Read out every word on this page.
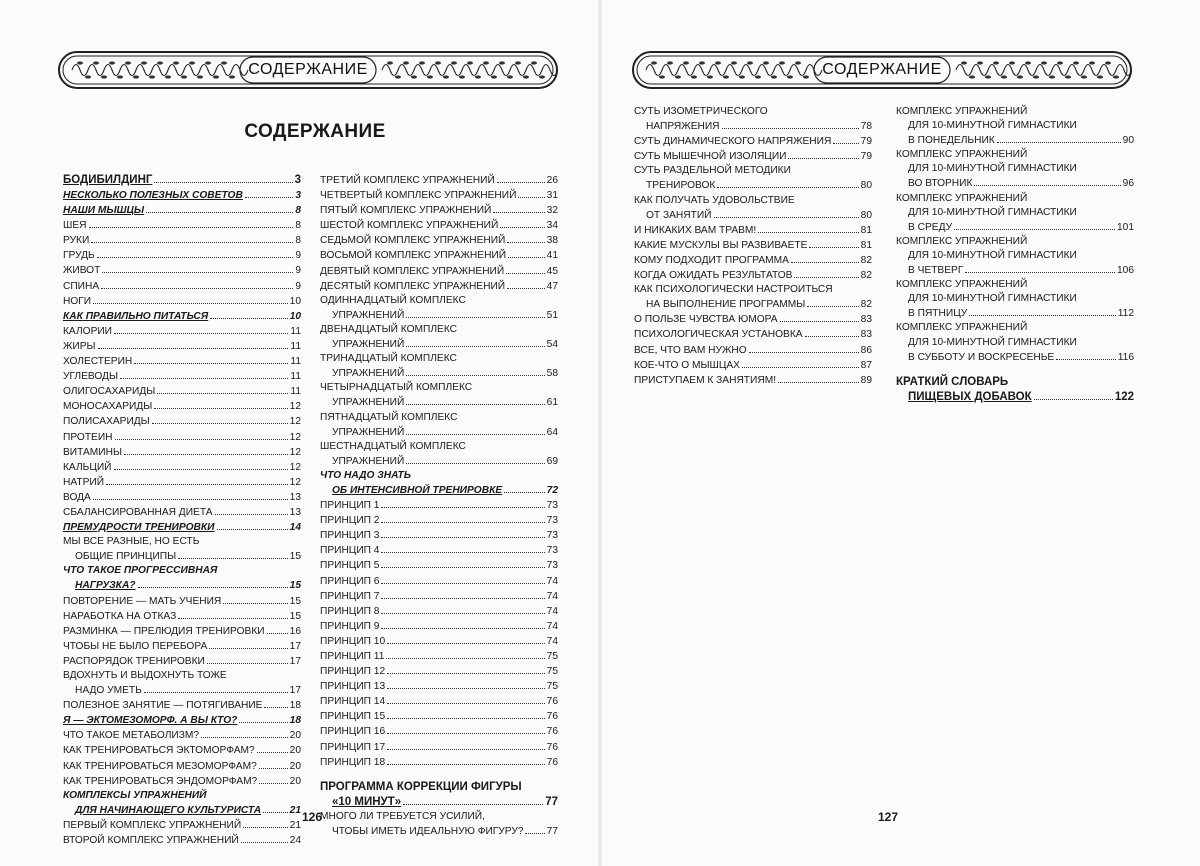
СОДЕРЖАНИЕ
СОДЕРЖАНИЕ
БОДИБИЛДИНГ	3
НЕСКОЛЬКО ПОЛЕЗНЫХ СОВЕТОВ	3
НАШИ МЫШЦЫ	8
ШЕЯ	8
РУКИ	8
ГРУДЬ	9
ЖИВОТ	9
СПИНА	9
НОГИ	10
КАК ПРАВИЛЬНО ПИТАТЬСЯ	10
КАЛОРИИ	11
ЖИРЫ	11
ХОЛЕСТЕРИН	11
УГЛЕВОДЫ	11
ОЛИГОСАХАРИДЫ	11
МОНОСАХАРИДЫ	12
ПОЛИСАХАРИДЫ	12
ПРОТЕИН	12
ВИТАМИНЫ	12
КАЛЬЦИЙ	12
НАТРИЙ	12
ВОДА	13
СБАЛАНСИРОВАННАЯ ДИЕТА	13
ПРЕМУДРОСТИ ТРЕНИРОВКИ	14
МЫ ВСЕ РАЗНЫЕ, НО ЕСТЬ
ОБЩИЕ ПРИНЦИПЫ	15
ЧТО ТАКОЕ ПРОГРЕССИВНАЯ
НАГРУЗКА?	15
ПОВТОРЕНИЕ — МАТЬ УЧЕНИЯ	15
НАРАБОТКА НА ОТКАЗ	15
РАЗМИНКА — ПРЕЛЮДИЯ ТРЕНИРОВКИ 16
ЧТОБЫ НЕ БЫЛО ПЕРЕБОРА	17
РАСПОРЯДОК ТРЕНИРОВКИ	17
ВДОХНУТЬ И ВЫДОХНУТЬ ТОЖЕ
НАДО УМЕТЬ	17
ПОЛЕЗНОЕ ЗАНЯТИЕ — ПОТЯГИВАНИЕ	18
Я — ЭКТОМЕЗОМОРФ. А ВЫ КТО?	18
ЧТО ТАКОЕ МЕТАБОЛИЗМ?	20
КАК ТРЕНИРОВАТЬСЯ ЭКТОМОРФАМ?	20
КАК ТРЕНИРОВАТЬСЯ МЕЗОМОРФАМ?	20
КАК ТРЕНИРОВАТЬСЯ ЭНДОМОРФАМ?	20
КОМПЛЕКСЫ УПРАЖНЕНИЙ
ДЛЯ НАЧИНАЮЩЕГО КУЛЬТУРИСТА	21
ПЕРВЫЙ КОМПЛЕКС УПРАЖНЕНИЙ	21
ВТОРОЙ КОМПЛЕКС УПРАЖНЕНИЙ	24
ТРЕТИЙ КОМПЛЕКС УПРАЖНЕНИЙ	26
ЧЕТВЕРТЫЙ КОМПЛЕКС УПРАЖНЕНИЙ	31
ПЯТЫЙ КОМПЛЕКС УПРАЖНЕНИЙ	32
ШЕСТОЙ КОМПЛЕКС УПРАЖНЕНИЙ	34
СЕДЬМОЙ КОМПЛЕКС УПРАЖНЕНИЙ	38
ВОСЬМОЙ КОМПЛЕКС УПРАЖНЕНИЙ	41
ДЕВЯТЫЙ КОМПЛЕКС УПРАЖНЕНИЙ	45
ДЕСЯТЫЙ КОМПЛЕКС УПРАЖНЕНИЙ	47
ОДИННАДЦАТЫЙ КОМПЛЕКС
УПРАЖНЕНИЙ	51
ДВЕНАДЦАТЫЙ КОМПЛЕКС
УПРАЖНЕНИЙ	54
ТРИНАДЦАТЫЙ КОМПЛЕКС
УПРАЖНЕНИЙ	58
ЧЕТЫРНАДЦАТЫЙ КОМПЛЕКС
УПРАЖНЕНИЙ	61
ПЯТНАДЦАТЫЙ КОМПЛЕКС
УПРАЖНЕНИЙ	64
ШЕСТНАДЦАТЫЙ КОМПЛЕКС
УПРАЖНЕНИЙ	69
ЧТО НАДО ЗНАТЬ
ОБ ИНТЕНСИВНОЙ ТРЕНИРОВКЕ	72
ПРИНЦИП 1	73
ПРИНЦИП 2	73
ПРИНЦИП 3	73
ПРИНЦИП 4	73
ПРИНЦИП 5	73
ПРИНЦИП 6	74
ПРИНЦИП 7	74
ПРИНЦИП 8	74
ПРИНЦИП 9	74
ПРИНЦИП 10	74
ПРИНЦИП 11	75
ПРИНЦИП 12	75
ПРИНЦИП 13	75
ПРИНЦИП 14	76
ПРИНЦИП 15	76
ПРИНЦИП 16	76
ПРИНЦИП 17	76
ПРИНЦИП 18	76
ПРОГРАММА КОРРЕКЦИИ ФИГУРЫ
«10 МИНУТ»	77
МНОГО ЛИ ТРЕБУЕТСЯ УСИЛИЙ,
ЧТОБЫ ИМЕТЬ ИДЕАЛЬНУЮ ФИГУРУ? 77
126
СОДЕРЖАНИЕ
СУТЬ ИЗОМЕТРИЧЕСКОГО
НАПРЯЖЕНИЯ	78
СУТЬ ДИНАМИЧЕСКОГО НАПРЯЖЕНИЯ	79
СУТЬ МЫШЕЧНОЙ ИЗОЛЯЦИИ	79
СУТЬ РАЗДЕЛЬНОЙ МЕТОДИКИ
ТРЕНИРОВОК	80
КАК ПОЛУЧАТЬ УДОВОЛЬСТВИЕ
ОТ ЗАНЯТИЙ	80
И НИКАКИХ ВАМ ТРАВМ!	81
КАКИЕ МУСКУЛЫ ВЫ РАЗВИВАЕТЕ	81
КОМУ ПОДХОДИТ ПРОГРАММА	82
КОГДА ОЖИДАТЬ РЕЗУЛЬТАТОВ	82
КАК ПСИХОЛОГИЧЕСКИ НАСТРОИТЬСЯ
НА ВЫПОЛНЕНИЕ ПРОГРАММЫ	82
О ПОЛЬЗЕ ЧУВСТВА ЮМОРА	83
ПСИХОЛОГИЧЕСКАЯ УСТАНОВКА	83
ВСЕ, ЧТО ВАМ НУЖНО	86
КОЕ-ЧТО О МЫШЦАХ	87
ПРИСТУПАЕМ К ЗАНЯТИЯМ!	89
КОМПЛЕКС УПРАЖНЕНИЙ
ДЛЯ 10-МИНУТНОЙ ГИМНАСТИКИ
В ПОНЕДЕЛЬНИК	90
КОМПЛЕКС УПРАЖНЕНИЙ
ДЛЯ 10-МИНУТНОЙ ГИМНАСТИКИ
ВО ВТОРНИК	96
КОМПЛЕКС УПРАЖНЕНИЙ
ДЛЯ 10-МИНУТНОЙ ГИМНАСТИКИ
В СРЕДУ	101
КОМПЛЕКС УПРАЖНЕНИЙ
ДЛЯ 10-МИНУТНОЙ ГИМНАСТИКИ
В ЧЕТВЕРГ	106
КОМПЛЕКС УПРАЖНЕНИЙ
ДЛЯ 10-МИНУТНОЙ ГИМНАСТИКИ
В ПЯТНИЦУ	112
КОМПЛЕКС УПРАЖНЕНИЙ
ДЛЯ 10-МИНУТНОЙ ГИМНАСТИКИ
В СУББОТУ И ВОСКРЕСЕНЬЕ	116
КРАТКИЙ СЛОВАРЬ
ПИЩЕВЫХ ДОБАВОК	122
127
